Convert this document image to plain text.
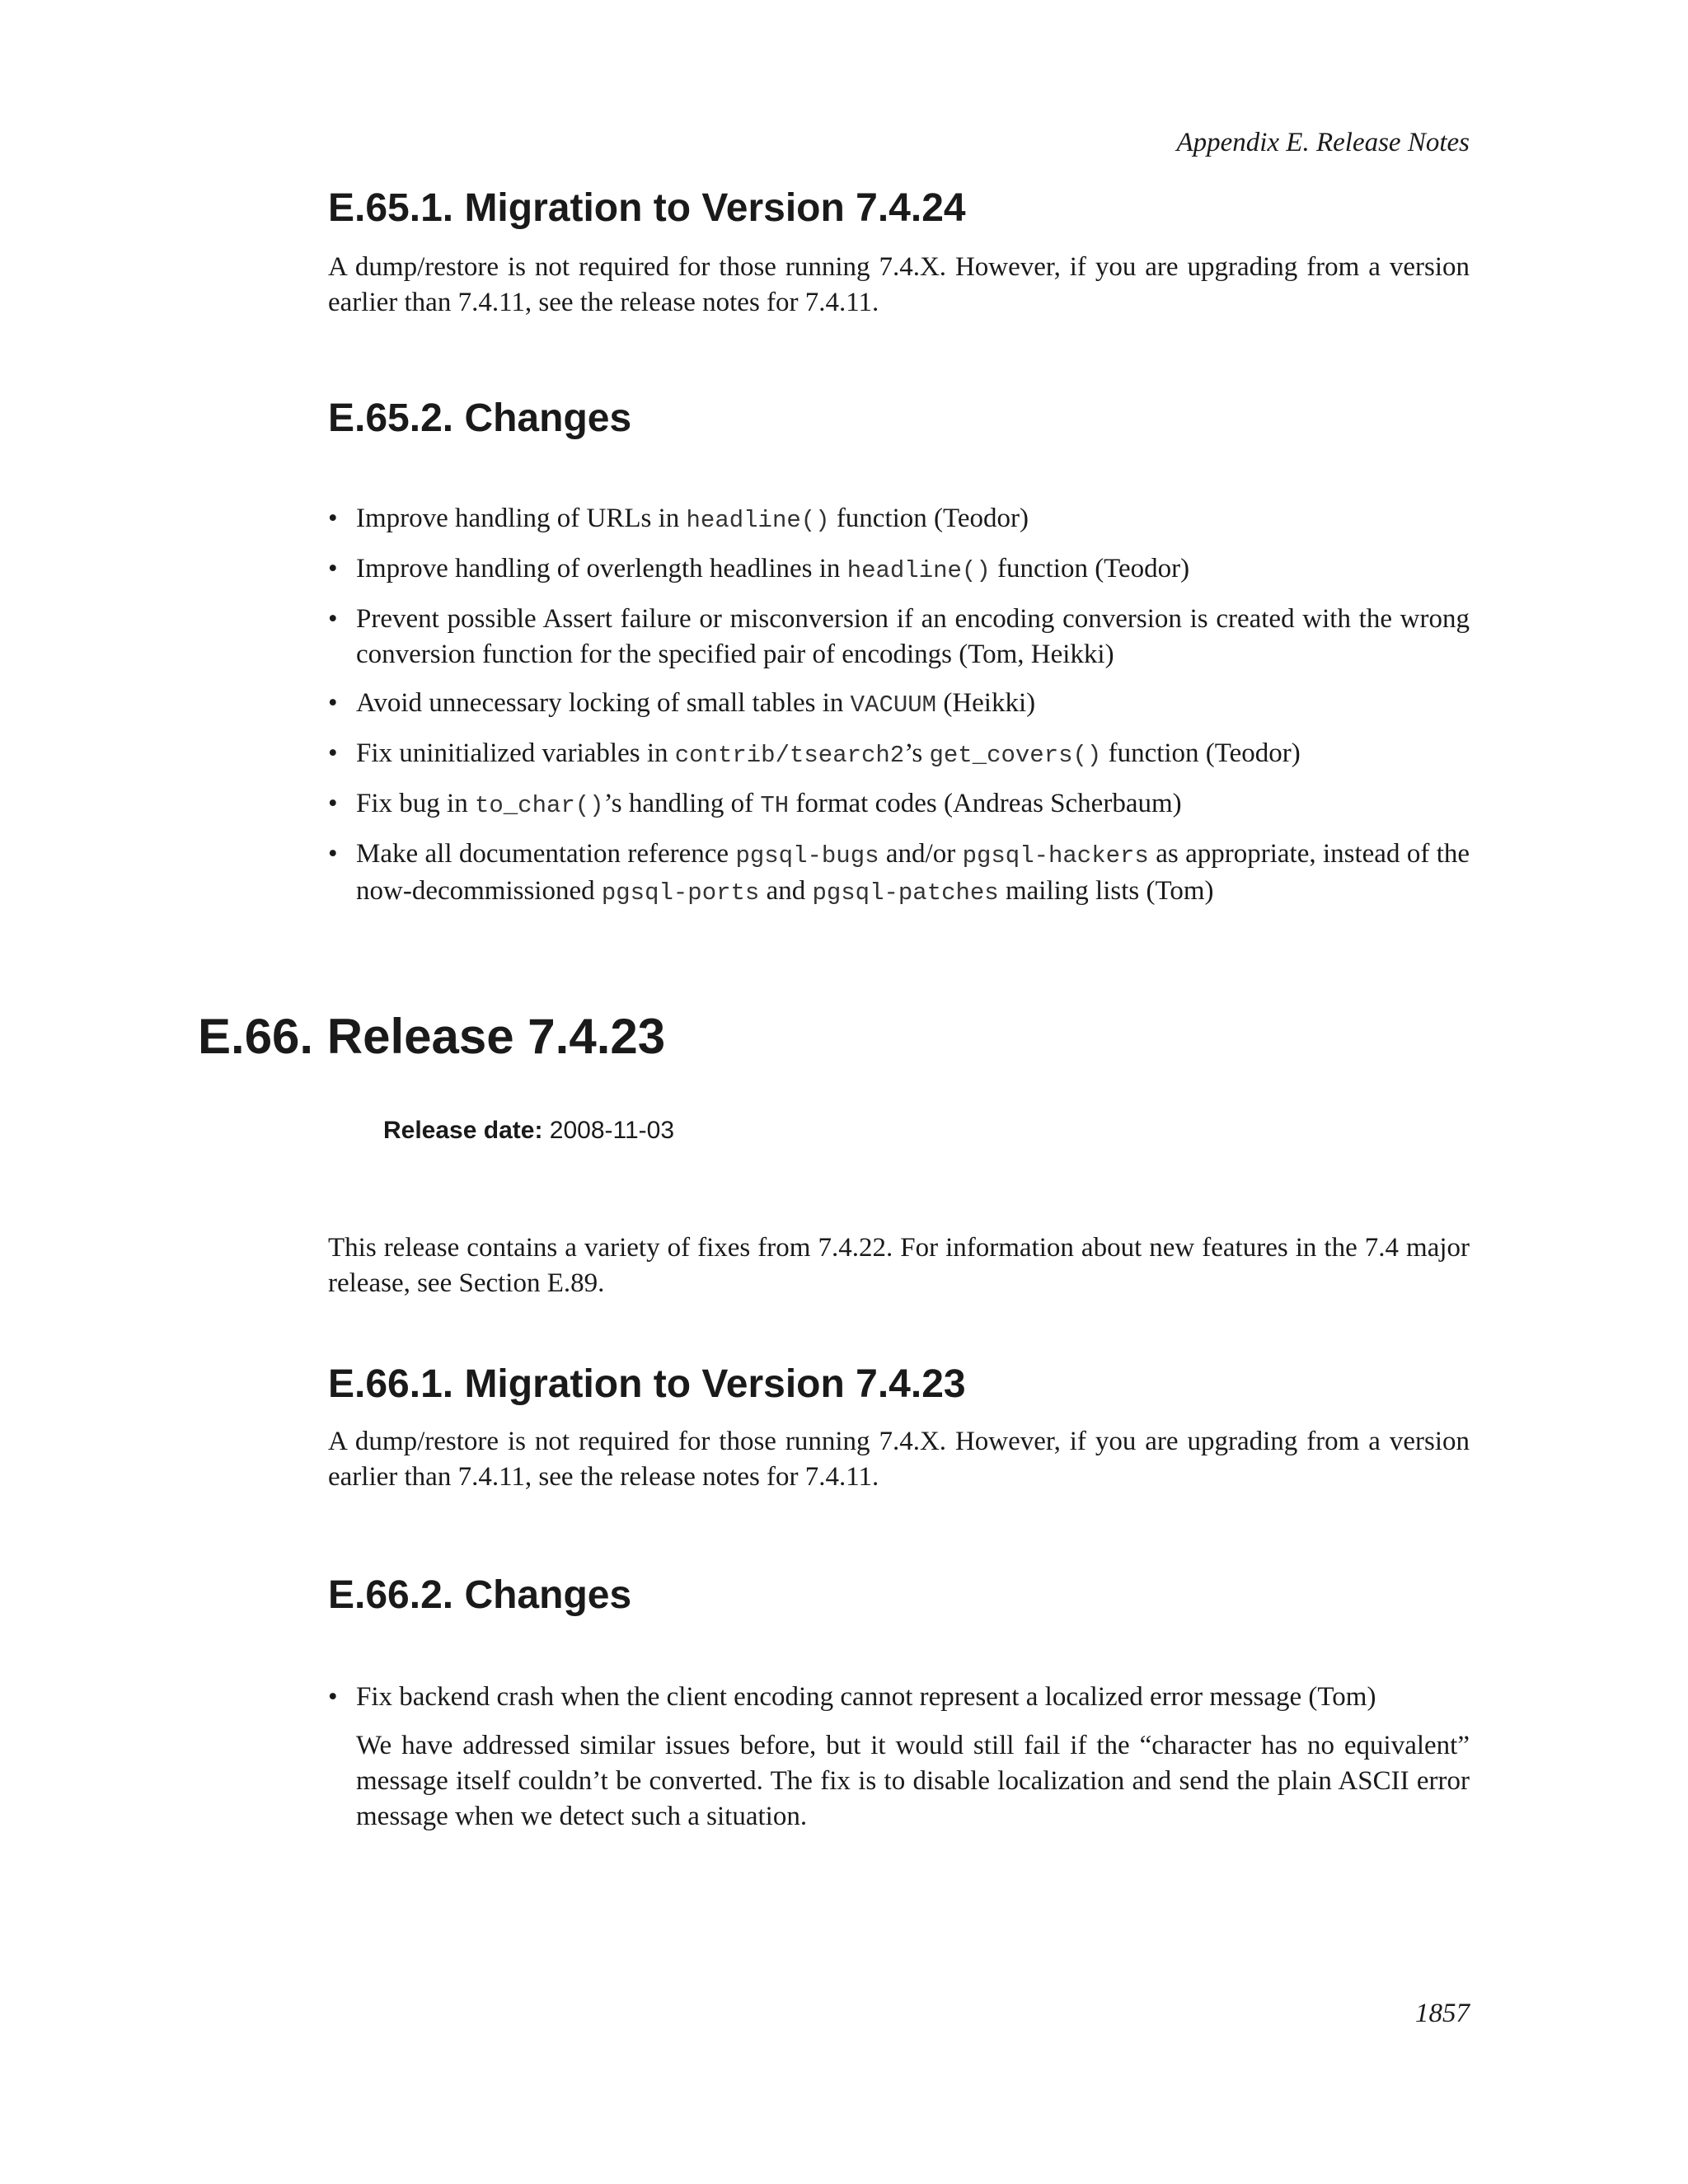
Appendix E. Release Notes
E.65.1. Migration to Version 7.4.24

A dump/restore is not required for those running 7.4.X. However, if you are upgrading from a version earlier than 7.4.11, see the release notes for 7.4.11.

E.65.2. Changes
• Improve handling of URLs in headline() function (Teodor)
• Improve handling of overlength headlines in headline() function (Teodor)
• Prevent possible Assert failure or misconversion if an encoding conversion is created with the wrong conversion function for the specified pair of encodings (Tom, Heikki)
• Avoid unnecessary locking of small tables in VACUUM (Heikki)
• Fix uninitialized variables in contrib/tsearch2’s get_covers() function (Teodor)
• Fix bug in to_char()’s handling of TH format codes (Andreas Scherbaum)
• Make all documentation reference pgsql-bugs and/or pgsql-hackers as appropriate, instead of the now-decommissioned pgsql-ports and pgsql-patches mailing lists (Tom)
E.66. Release 7.4.23
Release date: 2008-11-03

This release contains a variety of fixes from 7.4.22. For information about new features in the 7.4 major release, see Section E.89.

E.66.1. Migration to Version 7.4.23

A dump/restore is not required for those running 7.4.X. However, if you are upgrading from a version earlier than 7.4.11, see the release notes for 7.4.11.

E.66.2. Changes
• Fix backend crash when the client encoding cannot represent a localized error message (Tom)
We have addressed similar issues before, but it would still fail if the “character has no equivalent” message itself couldn’t be converted. The fix is to disable localization and send the plain ASCII error message when we detect such a situation.
1857
